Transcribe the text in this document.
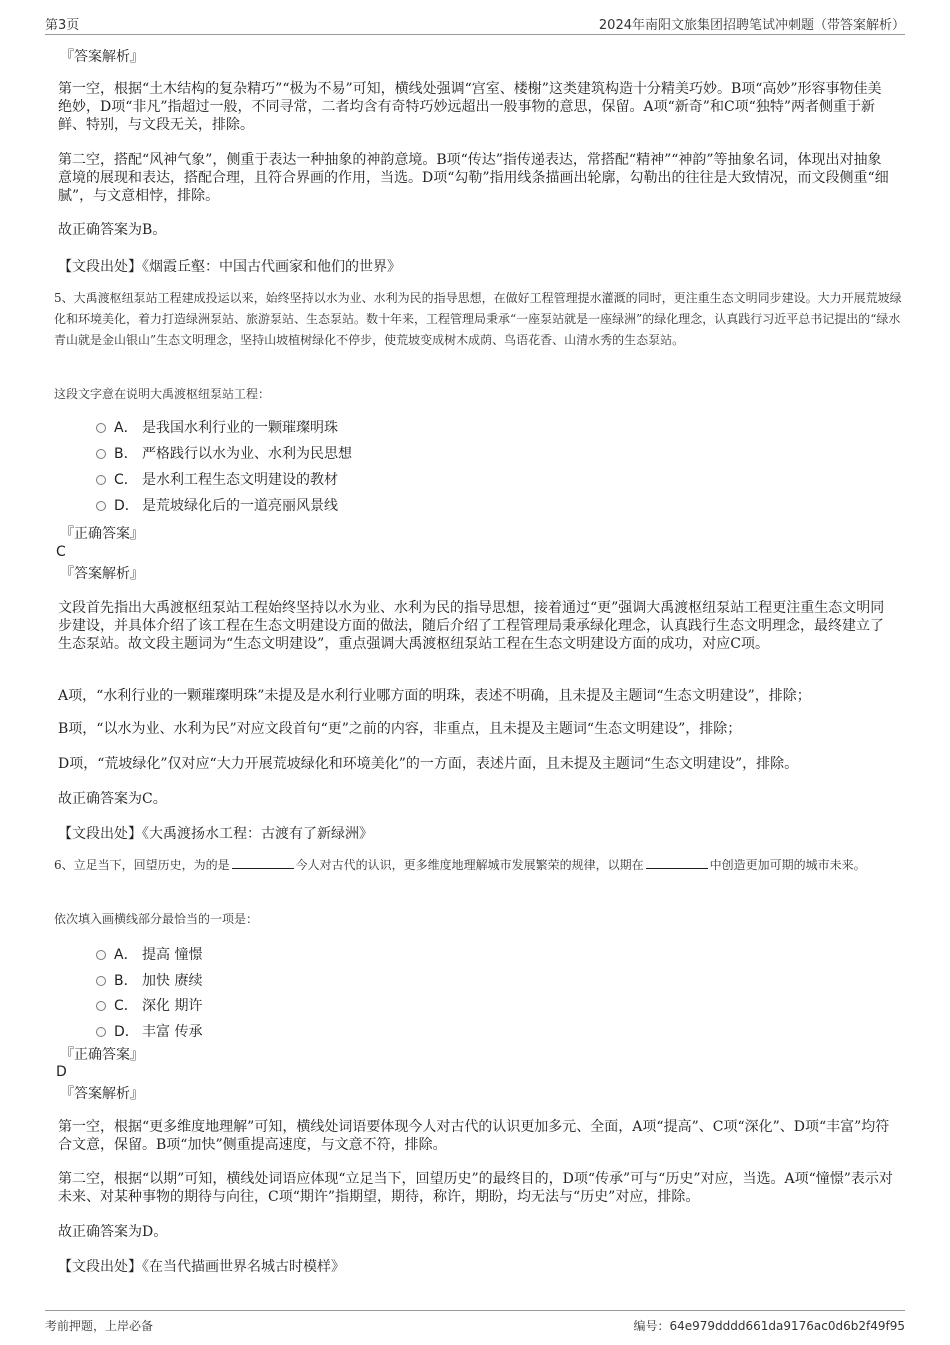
第3页	2024年南阳文旅集团招聘笔试冲刺题（带答案解析）
『答案解析』
第一空，根据“土木结构的复杂精巧”“极为不易”可知，横线处强调“宫室、楼榭”这类建筑构造十分精美巧妙。B项“高妙”形容事物佳美绝妙，D项“非凡”指超过一般，不同寻常，二者均含有奇特巧妙远超出一般事物的意思，保留。A项“新奇”和C项“独特”两者侧重于新鲜、特别，与文段无关，排除。
第二空，搭配“风神气象”，侧重于表达一种抽象的神韵意境。B项“传达”指传递表达，常搭配“精神”“神韵”等抽象名词，体现出对抽象意境的展现和表达，搭配合理，且符合界画的作用，当选。D项“勾勒”指用线条描画出轮廓，勾勒出的往往是大致情况，而文段侧重“细腻”，与文意相悖，排除。
故正确答案为B。
【文段出处】《烟霞丘壑：中国古代画家和他们的世界》
5、大禹渡枢纽泵站工程建成投运以来，始终坚持以水为业、水利为民的指导思想，在做好工程管理提水灌溉的同时，更注重生态文明同步建设。大力开展荒坡绿化和环境美化，着力打造绿洲泵站、旅游泵站、生态泵站。数十年来，工程管理局秉承“一座泵站就是一座绿洲”的绿化理念，认真践行习近平总书记提出的“绿水青山就是金山银山”生态文明理念，坚持山坡植树绿化不停步，使荒坡变成树木成荫、鸟语花香、山清水秀的生态泵站。
这段文字意在说明大禹渡枢纽泵站工程：
A． 是我国水利行业的一颗璀璨明珠
B． 严格践行以水为业、水利为民思想
C． 是水利工程生态文明建设的教材
D． 是荒坡绿化后的一道亮丽风景线
『正确答案』
C
『答案解析』
文段首先指出大禹渡枢纽泵站工程始终坚持以水为业、水利为民的指导思想，接着通过“更”强调大禹渡枢纽泵站工程更注重生态文明同步建设，并具体介绍了该工程在生态文明建设方面的做法，随后介绍了工程管理局秉承绿化理念，认真践行生态文明理念，最终建立了生态泵站。故文段主题词为“生态文明建设”，重点强调大禹渡枢纽泵站工程在生态文明建设方面的成功，对应C项。
A项，“水利行业的一颗璀璨明珠”未提及是水利行业哪方面的明珠，表述不明确，且未提及主题词“生态文明建设”，排除；
B项，“以水为业、水利为民”对应文段首句“更”之前的内容，非重点，且未提及主题词“生态文明建设”，排除；
D项，“荒坡绿化”仅对应“大力开展荒坡绿化和环境美化”的一方面，表述片面，且未提及主题词“生态文明建设”，排除。
故正确答案为C。
【文段出处】《大禹渡扬水工程：古渡有了新绿洲》
6、立足当下，回望历史，为的是	今人对古代的认识，更多维度地理解城市发展繁荣的规律，以期在	中创造更加可期的城市未来。
依次填入画横线部分最恰当的一项是：
A． 提高 憧憬
B． 加快 赓续
C． 深化 期许
D． 丰富 传承
『正确答案』
D
『答案解析』
第一空，根据“更多维度地理解”可知，横线处词语要体现今人对古代的认识更加多元、全面，A项“提高”、C项“深化”、D项“丰富”均符合文意，保留。B项“加快”侧重提高速度，与文意不符，排除。
第二空，根据“以期”可知，横线处词语应体现“立足当下，回望历史”的最终目的，D项“传承”可与“历史”对应，当选。A项“憧憬”表示对未来、对某种事物的期待与向往，C项“期许”指期望，期待，称许，期盼，均无法与“历史”对应，排除。
故正确答案为D。
【文段出处】《在当代描画世界名城古时模样》
考前押题，上岸必备	编号：64e979dddd661da9176ac0d6b2f49f95
